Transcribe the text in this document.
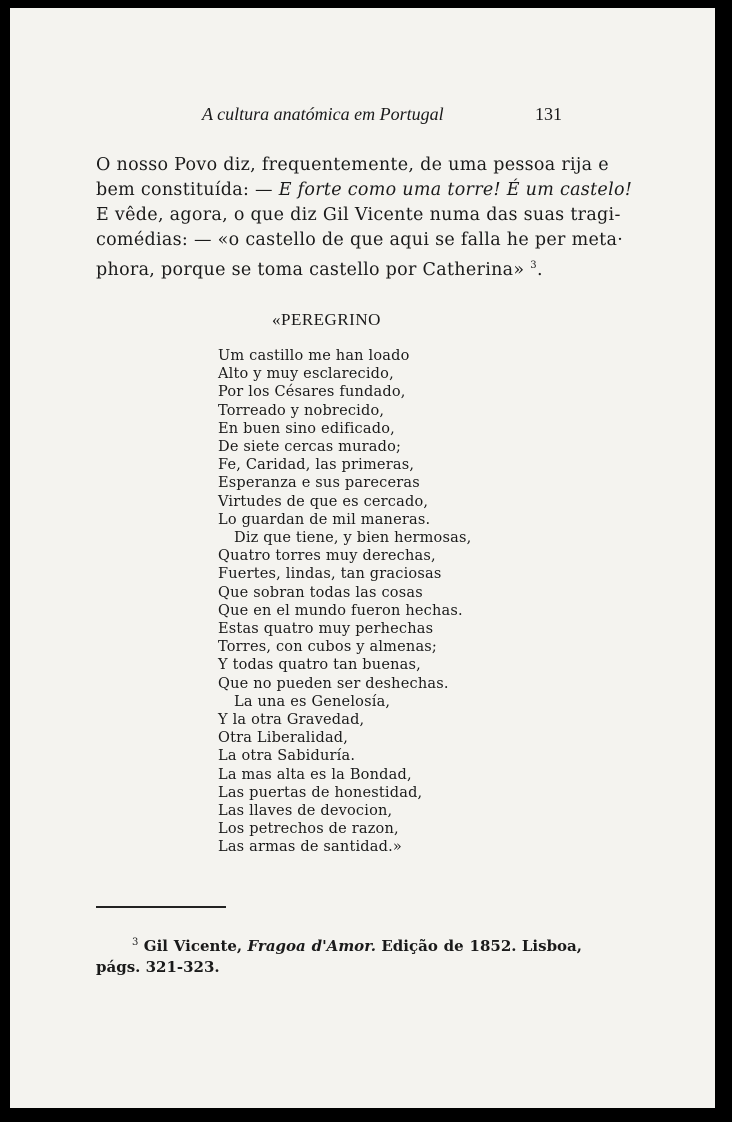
A cultura anatómica em Portugal	131
O nosso Povo diz, frequentemente, de uma pessoa rija e
bem constituída: — E forte como uma torre! É um castelo!
E vêde, agora, o que diz Gil Vicente numa das suas tragi-
comédias: — «o castello de que aqui se falla he per meta·
phora, porque se toma castello por Catherina» $^3$.
«PEREGRINO
Um castillo me han loado
Alto y muy esclarecido,
Por los Césares fundado,
Torreado y nobrecido,
En buen sino edificado,
De siete cercas murado;
Fe, Caridad, las primeras,
Esperanza e sus pareceras
Virtudes de que es cercado,
Lo guardan de mil maneras.
Diz que tiene, y bien hermosas,
Quatro torres muy derechas,
Fuertes, lindas, tan graciosas
Que sobran todas las cosas
Que en el mundo fueron hechas.
Estas quatro muy perhechas
Torres, con cubos y almenas;
Y todas quatro tan buenas,
Que no pueden ser deshechas.
La una es Genelosía,
Y la otra Gravedad,
Otra Liberalidad,
La otra Sabiduría.
La mas alta es la Bondad,
Las puertas de honestidad,
Las llaves de devocion,
Los petrechos de razon,
Las armas de santidad.»
$^3$ Gil Vicente, Fragoa d'Amor. Edição de 1852. Lisboa,
págs. 321-323.
